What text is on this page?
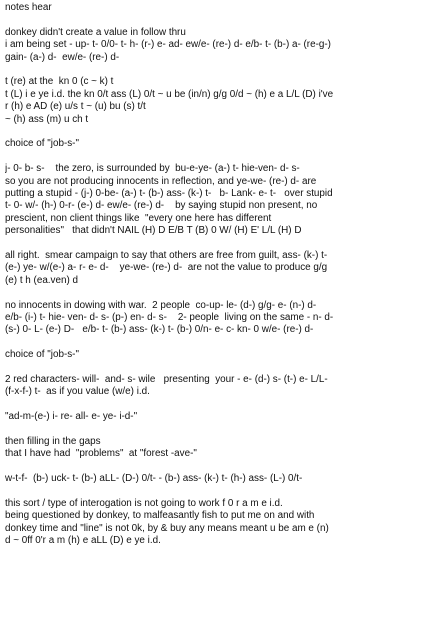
notes hear
donkey didn't create a value in follow thru
i am being set - up- t- 0/0- t- h- (r-) e- ad- ew/e- (re-) d- e/b- t- (b-) a- (re-g-)
gain- (a-) d-  ew/e- (re-) d-
t (re) at the  kn 0 (c ~ k) t
t (L) i e ye i.d. the kn 0/t ass (L) 0/t ~ u be (in/n) g/g 0/d ~ (h) e a L/L (D) i've
r (h) e AD (e) u/s t ~ (u) bu (s) t/t
~ (h) ass (m) u ch t
choice of "job-s-"
j- 0- b- s-    the zero, is surrounded by  bu-e-ye- (a-) t- hie-ven- d- s-
so you are not producing innocents in reflection, and ye-we- (re-) d- are
putting a stupid - (j-) 0-be- (a-) t- (b-) ass- (k-) t-   b- Lank- e- t-   over stupid
t- 0- w/- (h-) 0-r- (e-) d- ew/e- (re-) d-    by saying stupid non present, no
prescient, non client things like  "every one here has different
personalities"   that didn't NAIL (H) D E/B T (B) 0 W/ (H) E' L/L (H) D
all right.  smear campaign to say that others are free from guilt, ass- (k-) t-
(e-) ye- w/(e-) a- r- e- d-    ye-we- (re-) d-  are not the value to produce g/g
(e) t h (ea.ven) d
no innocents in dowing with war.  2 people  co-up- le- (d-) g/g- e- (n-) d-
e/b- (i-) t- hie- ven- d- s- (p-) en- d- s-    2- people  living on the same - n- d-
(s-) 0- L- (e-) D-   e/b- t- (b-) ass- (k-) t- (b-) 0/n- e- c- kn- 0 w/e- (re-) d-
choice of "job-s-"
2 red characters- will-  and- s- wile   presenting  your - e- (d-) s- (t-) e- L/L-
(f-x-f-) t-  as if you value (w/e) i.d.
"ad-m-(e-) i- re- all- e- ye- i-d-"
then filling in the gaps
that I have had  "problems"  at "forest -ave-"
w-t-f-  (b-) uck- t- (b-) aLL- (D-) 0/t- - (b-) ass- (k-) t- (h-) ass- (L-) 0/t-
this sort / type of interogation is not going to work f 0 r a m e i.d.
being questioned by donkey, to malfeasantly fish to put me on and with
donkey time and "line" is not 0k, by & buy any means meant u be am e (n)
d ~ 0ff 0'r a m (h) e aLL (D) e ye i.d.
